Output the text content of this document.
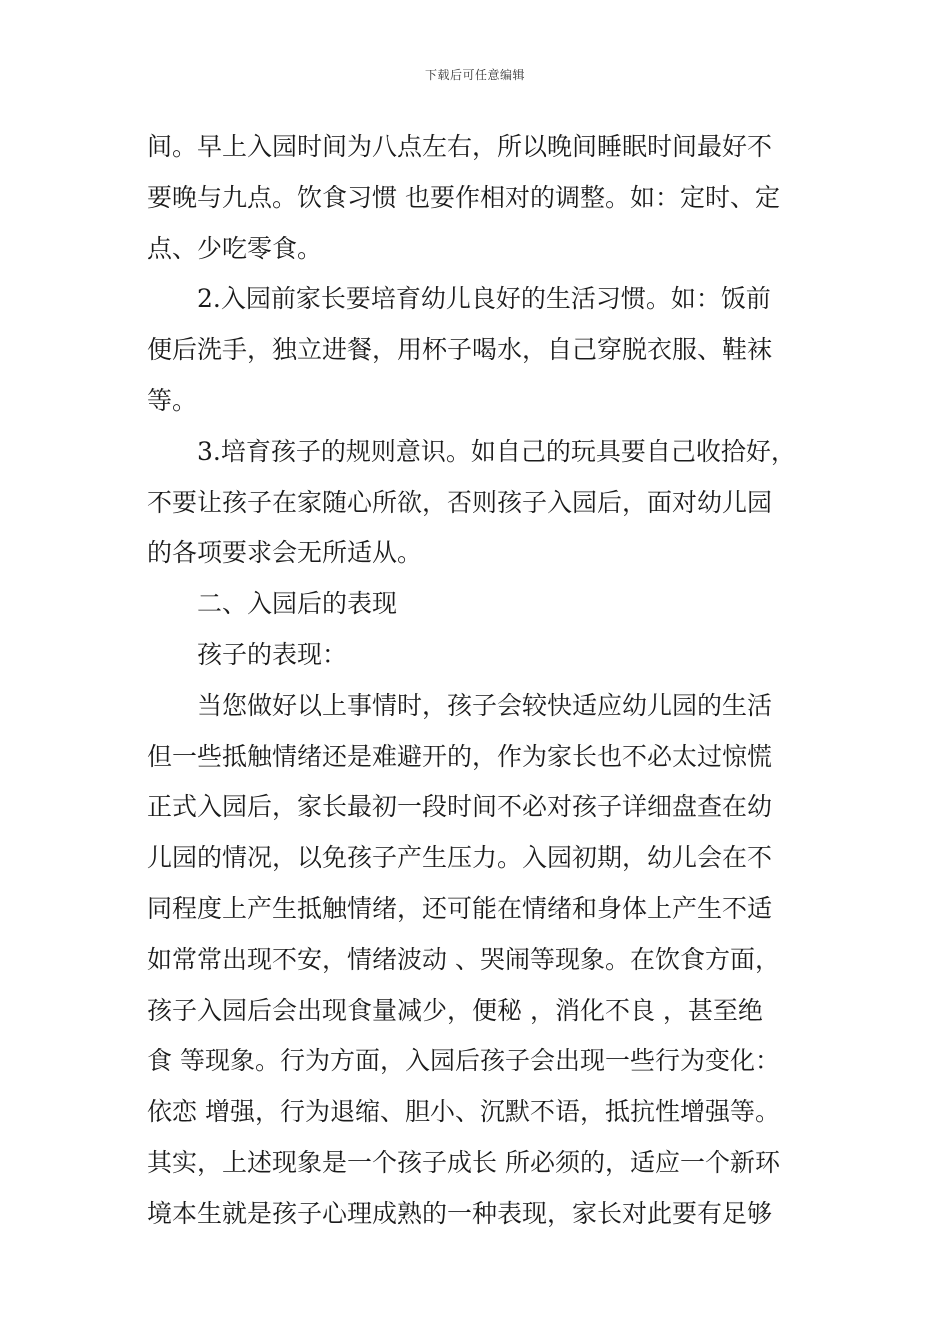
下载后可任意编辑
间。早上入园时间为八点左右，所以晚间睡眠时间最好不
要晚与九点。饮食习惯 也要作相对的调整。如：定时、定
点、少吃零食。
2.入园前家长要培育幼儿良好的生活习惯。如：饭前
便后洗手，独立进餐，用杯子喝水，自己穿脱衣服、鞋袜
等。
3.培育孩子的规则意识。如自己的玩具要自己收拾好，
不要让孩子在家随心所欲，否则孩子入园后，面对幼儿园
的各项要求会无所适从。
二、入园后的表现
孩子的表现：
当您做好以上事情时，孩子会较快适应幼儿园的生活
但一些抵触情绪还是难避开的，作为家长也不必太过惊慌
正式入园后，家长最初一段时间不必对孩子详细盘查在幼
儿园的情况，以免孩子产生压力。入园初期，幼儿会在不
同程度上产生抵触情绪，还可能在情绪和身体上产生不适
如常常出现不安，情绪波动 、哭闹等现象。在饮食方面，
孩子入园后会出现食量减少，便秘 ，消化不良 ，甚至绝
食 等现象。行为方面，入园后孩子会出现一些行为变化：
依恋 增强，行为退缩、胆小、沉默不语，抵抗性增强等。
其实，上述现象是一个孩子成长 所必须的，适应一个新环
境本生就是孩子心理成熟的一种表现，家长对此要有足够
